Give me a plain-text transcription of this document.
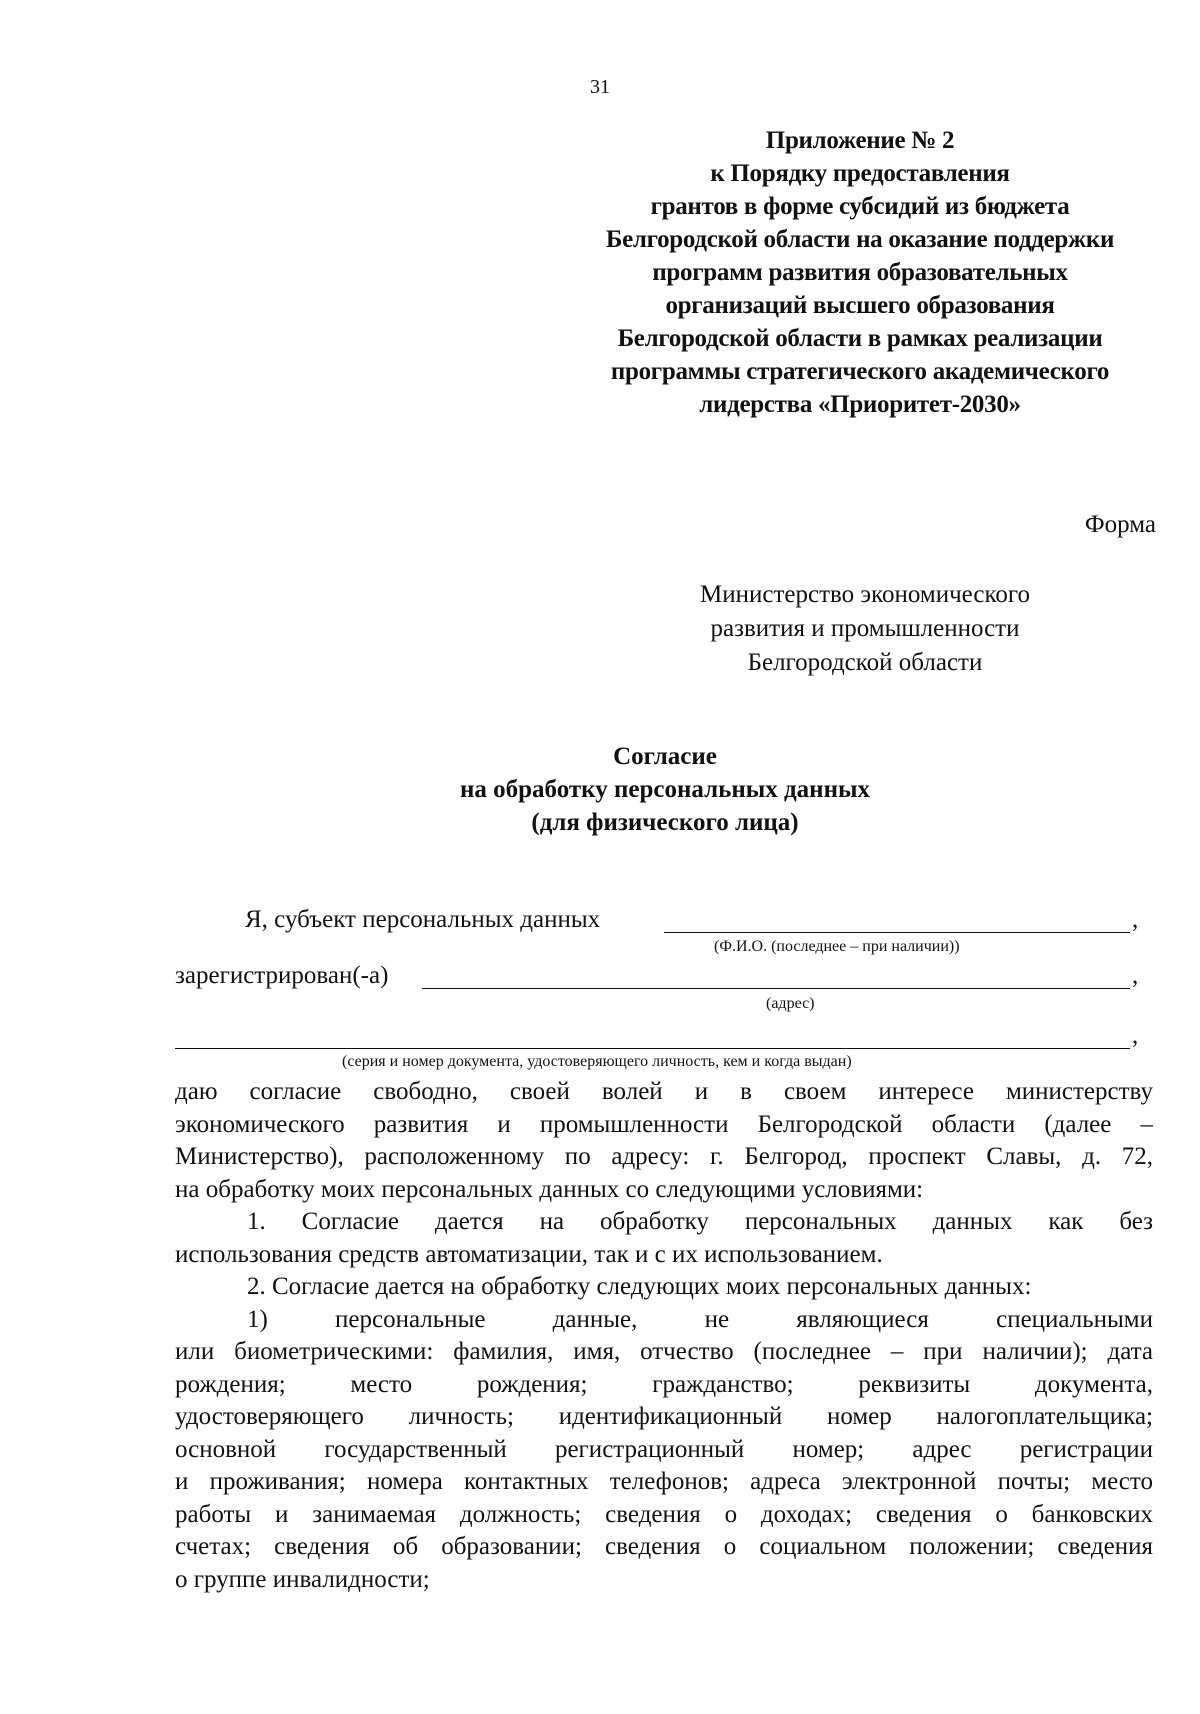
31
Приложение № 2
к Порядку предоставления
грантов в форме субсидий из бюджета
Белгородской области на оказание поддержки
программ развития образовательных
организаций высшего образования
Белгородской области в рамках реализации
программы стратегического академического
лидерства «Приоритет-2030»
Форма
Министерство экономического
развития и промышленности
Белгородской области
Согласие
на обработку персональных данных
(для физического лица)
Я, субъект персональных данных	,
(Ф.И.О. (последнее – при наличии))
зарегистрирован(-а)	,
(адрес)
,
(серия и номер документа, удостоверяющего личность, кем и когда выдан)

даю согласие свободно, своей волей и в своем интересе министерству

экономического развития и промышленности Белгородской области (далее –

Министерство), расположенному по адресу: г. Белгород, проспект Славы, д. 72,

на обработку моих персональных данных со следующими условиями:

1. Согласие дается на обработку персональных данных как без

использования средств автоматизации, так и с их использованием.

2. Согласие дается на обработку следующих моих персональных данных:

1) персональные данные, не являющиеся специальными

или биометрическими: фамилия, имя, отчество (последнее – при наличии); дата

рождения; место рождения; гражданство; реквизиты документа,

удостоверяющего личность; идентификационный номер налогоплательщика;

основной государственный регистрационный номер; адрес регистрации

и проживания; номера контактных телефонов; адреса электронной почты; место

работы и занимаемая должность; сведения о доходах; сведения о банковских

счетах; сведения об образовании; сведения о социальном положении; сведения

о группе инвалидности;
